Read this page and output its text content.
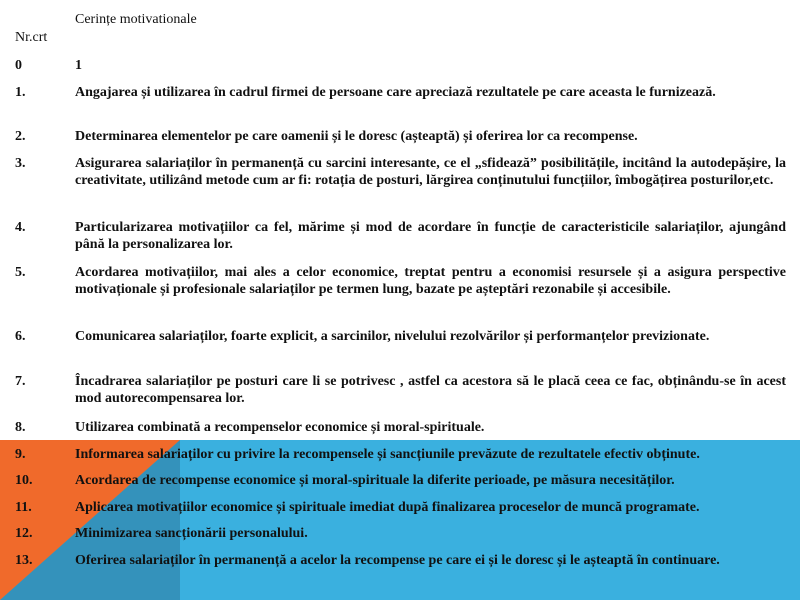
Cerințe motivationale
Nr.crt
0	1
1.	Angajarea și utilizarea în cadrul firmei de persoane care apreciază rezultatele pe care aceasta le furnizează.
2.	Determinarea elementelor pe care oamenii și le doresc (așteaptă) și oferirea lor ca recompense.
3.	Asigurarea salariaților în permanență cu sarcini interesante, ce el „sfidează” posibilitățile, incitând la autodepășire, la creativitate, utilizând metode cum ar fi: rotația de posturi, lărgirea conținutului funcțiilor, îmbogățirea posturilor,etc.
4.	Particularizarea motivațiilor ca fel, mărime și mod de acordare în funcție de caracteristicile salariaților, ajungând până la personalizarea lor.
5.	Acordarea motivațiilor, mai ales a celor economice, treptat pentru a economisi resursele și a asigura perspective motivaționale și profesionale salariaților pe termen lung, bazate pe așteptări rezonabile și accesibile.
6.	Comunicarea salariaților, foarte explicit, a sarcinilor, nivelului rezolvărilor și performanțelor previzionate.
7.	Încadrarea salariaților pe posturi care li se potrivesc , astfel ca acestora să le placă ceea ce fac, obținându-se în acest mod autorecompensarea lor.
8.	Utilizarea combinată a recompenselor economice și moral-spirituale.
9.	Informarea salariaților cu privire la recompensele și sancțiunile prevăzute de rezultatele efectiv obținute.
10.	Acordarea de recompense economice și moral-spirituale la diferite perioade, pe măsura necesităților.
11.	Aplicarea motivațiilor economice și spirituale imediat după finalizarea proceselor de muncă programate.
12.	Minimizarea sancționării personalului.
13.	Oferirea salariaților în permanență a acelor la recompense pe care ei și le doresc și le așteaptă în continuare.
